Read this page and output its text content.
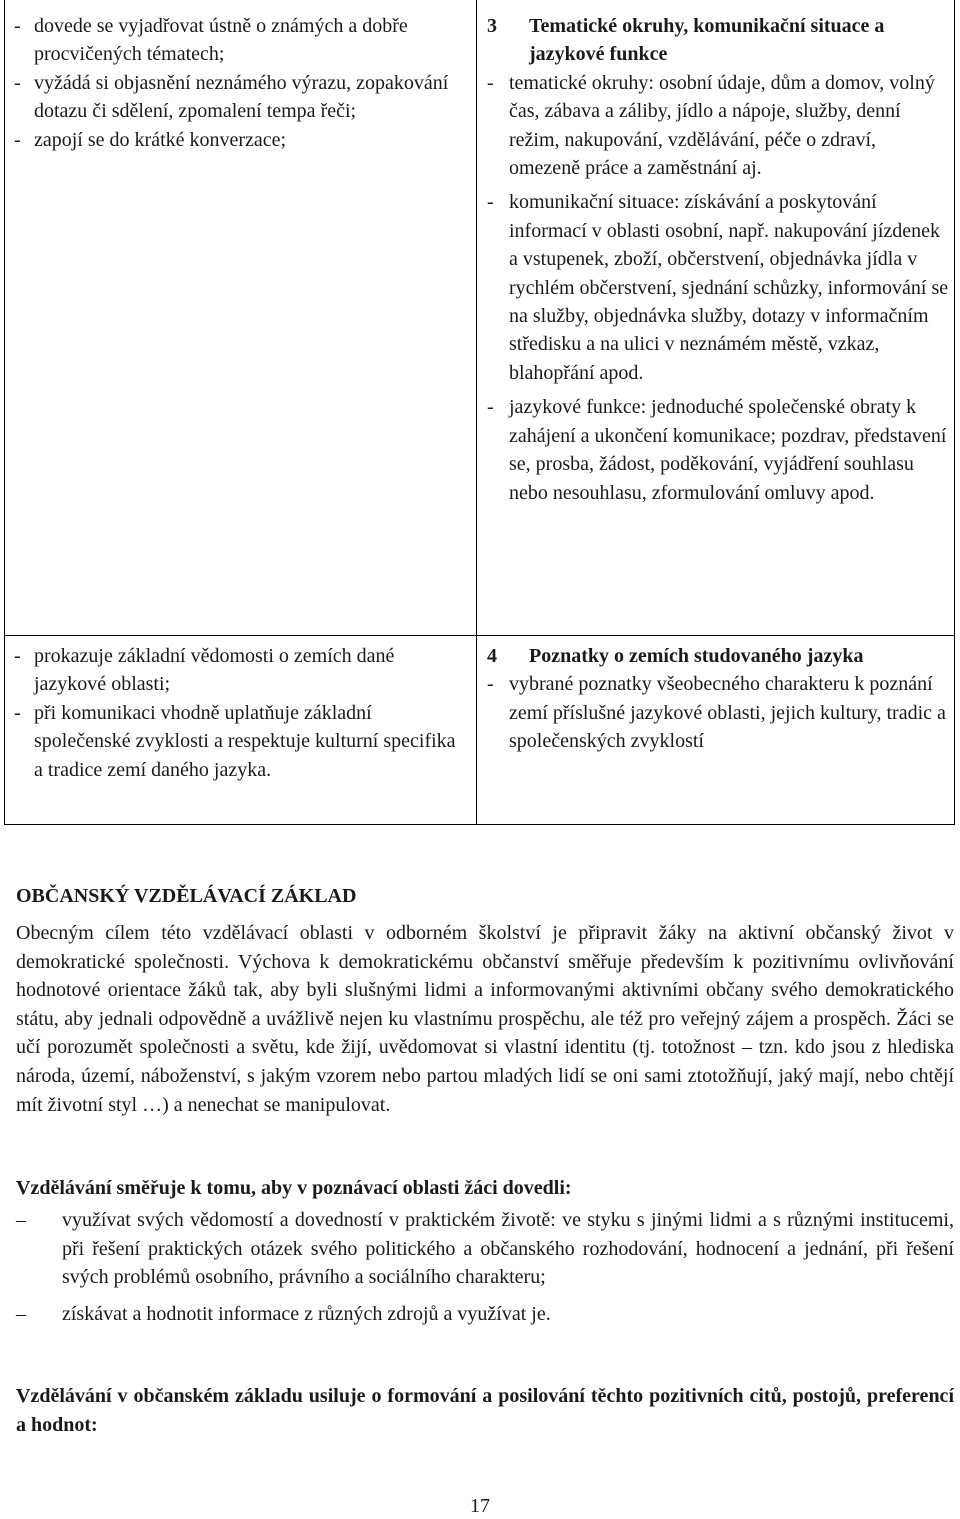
- dovede se vyjadřovat ústně o známých a dobře procvičených tématech;
- vyžádá si objasnění neznámého výrazu, zopakování dotazu či sdělení, zpomalení tempa řeči;
- zapojí se do krátké konverzace;
- prokazuje základní vědomosti o zemích dané jazykové oblasti;
- při komunikaci vhodně uplatňuje základní společenské zvyklosti a respektuje kulturní specifika a tradice zemí daného jazyka.
3 Tematické okruhy, komunikační situace a jazykové funkce
- tematické okruhy: osobní údaje, dům a domov, volný čas, zábava a záliby, jídlo a nápoje, služby, denní režim, nakupování, vzdělávání, péče o zdraví, omezeně práce a zaměstnání aj.
- komunikační situace: získávání a poskytování informací v oblasti osobní, např. nakupování jízdenek a vstupenek, zboží, občerstvení, objednávka jídla v rychlém občerstvení, sjednání schůzky, informování se na služby, objednávka služby, dotazy v informačním středisku a na ulici v neznámém městě, vzkaz, blahopřání apod.
- jazykové funkce: jednoduché společenské obraty k zahájení a ukončení komunikace; pozdrav, představení se, prosba, žádost, poděkování, vyjádření souhlasu nebo nesouhlasu, zformulování omluvy apod.
4 Poznatky o zemích studovaného jazyka
- vybrané poznatky všeobecného charakteru k poznání zemí příslušné jazykové oblasti, jejich kultury, tradic a společenských zvyklostí
OBČANSKÝ VZDĚLÁVACÍ ZÁKLAD
Obecným cílem této vzdělávací oblasti v odborném školství je připravit žáky na aktivní občanský život v demokratické společnosti. Výchova k demokratickému občanství směřuje především k pozitivnímu ovlivňování hodnotové orientace žáků tak, aby byli slušnými lidmi a informovanými aktivními občany svého demokratického státu, aby jednali odpovědně a uvážlivě nejen ku vlastnímu prospěchu, ale též pro veřejný zájem a prospěch. Žáci se učí porozumět společnosti a světu, kde žijí, uvědomovat si vlastní identitu (tj. totožnost – tzn. kdo jsou z hlediska národa, území, náboženství, s jakým vzorem nebo partou mladých lidí se oni sami ztotožňují, jaký mají, nebo chtějí mít životní styl …) a nenechat se manipulovat.
Vzdělávání směřuje k tomu, aby v poznávací oblasti žáci dovedli:
– využívat svých vědomostí a dovedností v praktickém životě: ve styku s jinými lidmi a s různými institucemi, při řešení praktických otázek svého politického a občanského rozhodování, hodnocení a jednání, při řešení svých problémů osobního, právního a sociálního charakteru;
– získávat a hodnotit informace z různých zdrojů a využívat je.
Vzdělávání v občanském základu usiluje o formování a posilování těchto pozitivních citů, postojů, preferencí a hodnot:
17
